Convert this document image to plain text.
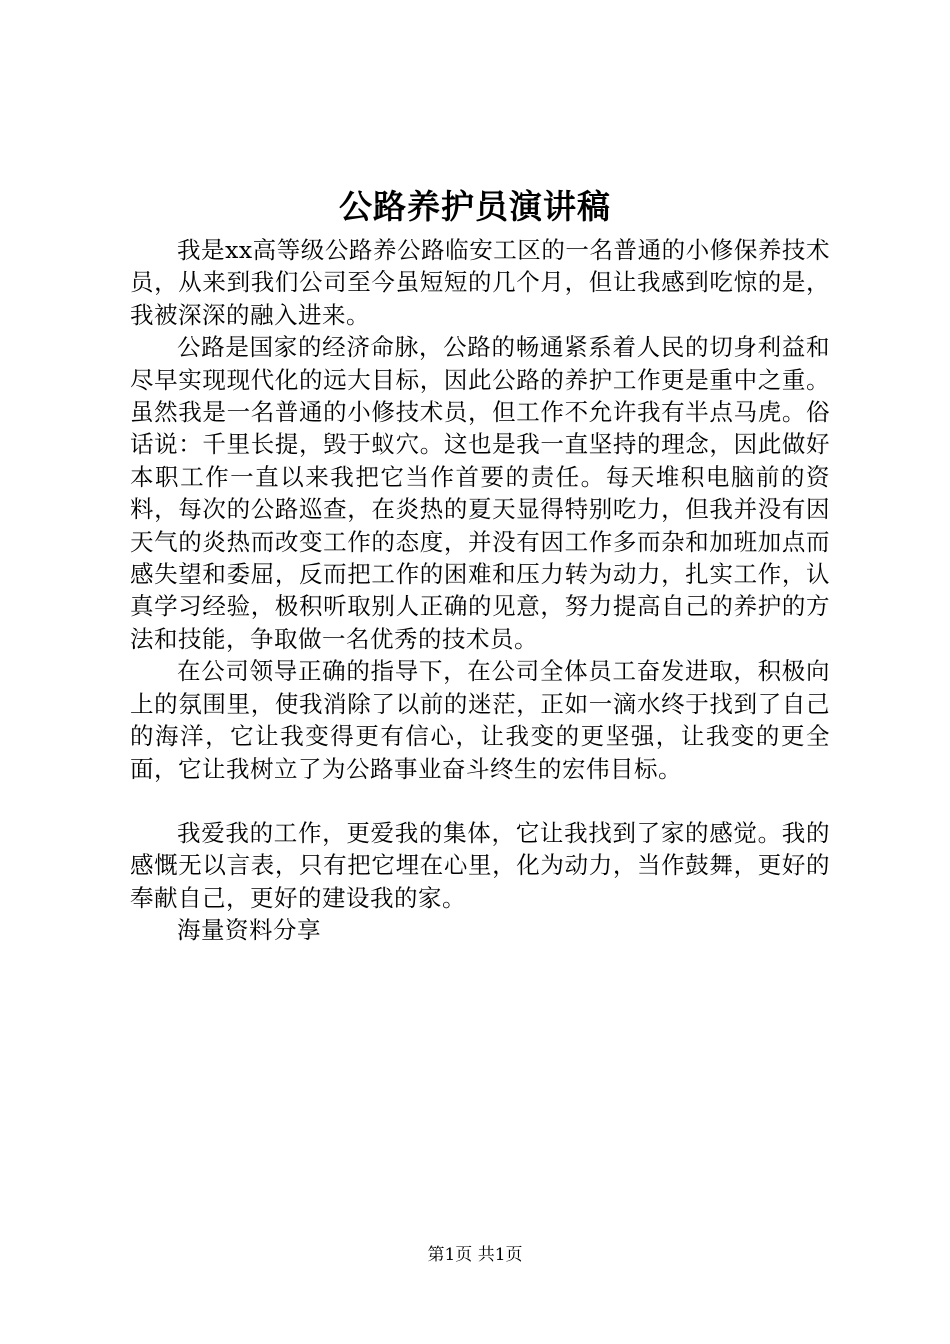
公路养护员演讲稿

我是xx高等级公路养公路临安工区的一名普通的小修保养技术员，从来到我们公司至今虽短短的几个月，但让我感到吃惊的是，我被深深的融入进来。

公路是国家的经济命脉，公路的畅通紧系着人民的切身利益和尽早实现现代化的远大目标，因此公路的养护工作更是重中之重。虽然我是一名普通的小修技术员，但工作不允许我有半点马虎。俗话说：千里长提，毁于蚁穴。这也是我一直坚持的理念，因此做好本职工作一直以来我把它当作首要的责任。每天堆积电脑前的资料，每次的公路巡查，在炎热的夏天显得特别吃力，但我并没有因天气的炎热而改变工作的态度，并没有因工作多而杂和加班加点而感失望和委屈，反而把工作的困难和压力转为动力，扎实工作，认真学习经验，极积听取别人正确的见意，努力提高自己的养护的方法和技能，争取做一名优秀的技术员。

在公司领导正确的指导下，在公司全体员工奋发进取，积极向上的氛围里，使我消除了以前的迷茫，正如一滴水终于找到了自己的海洋，它让我变得更有信心，让我变的更坚强，让我变的更全面，它让我树立了为公路事业奋斗终生的宏伟目标。

我爱我的工作，更爱我的集体，它让我找到了家的感觉。我的感慨无以言表，只有把它埋在心里，化为动力，当作鼓舞，更好的奉献自己，更好的建设我的家。

海量资料分享

第1页 共1页
